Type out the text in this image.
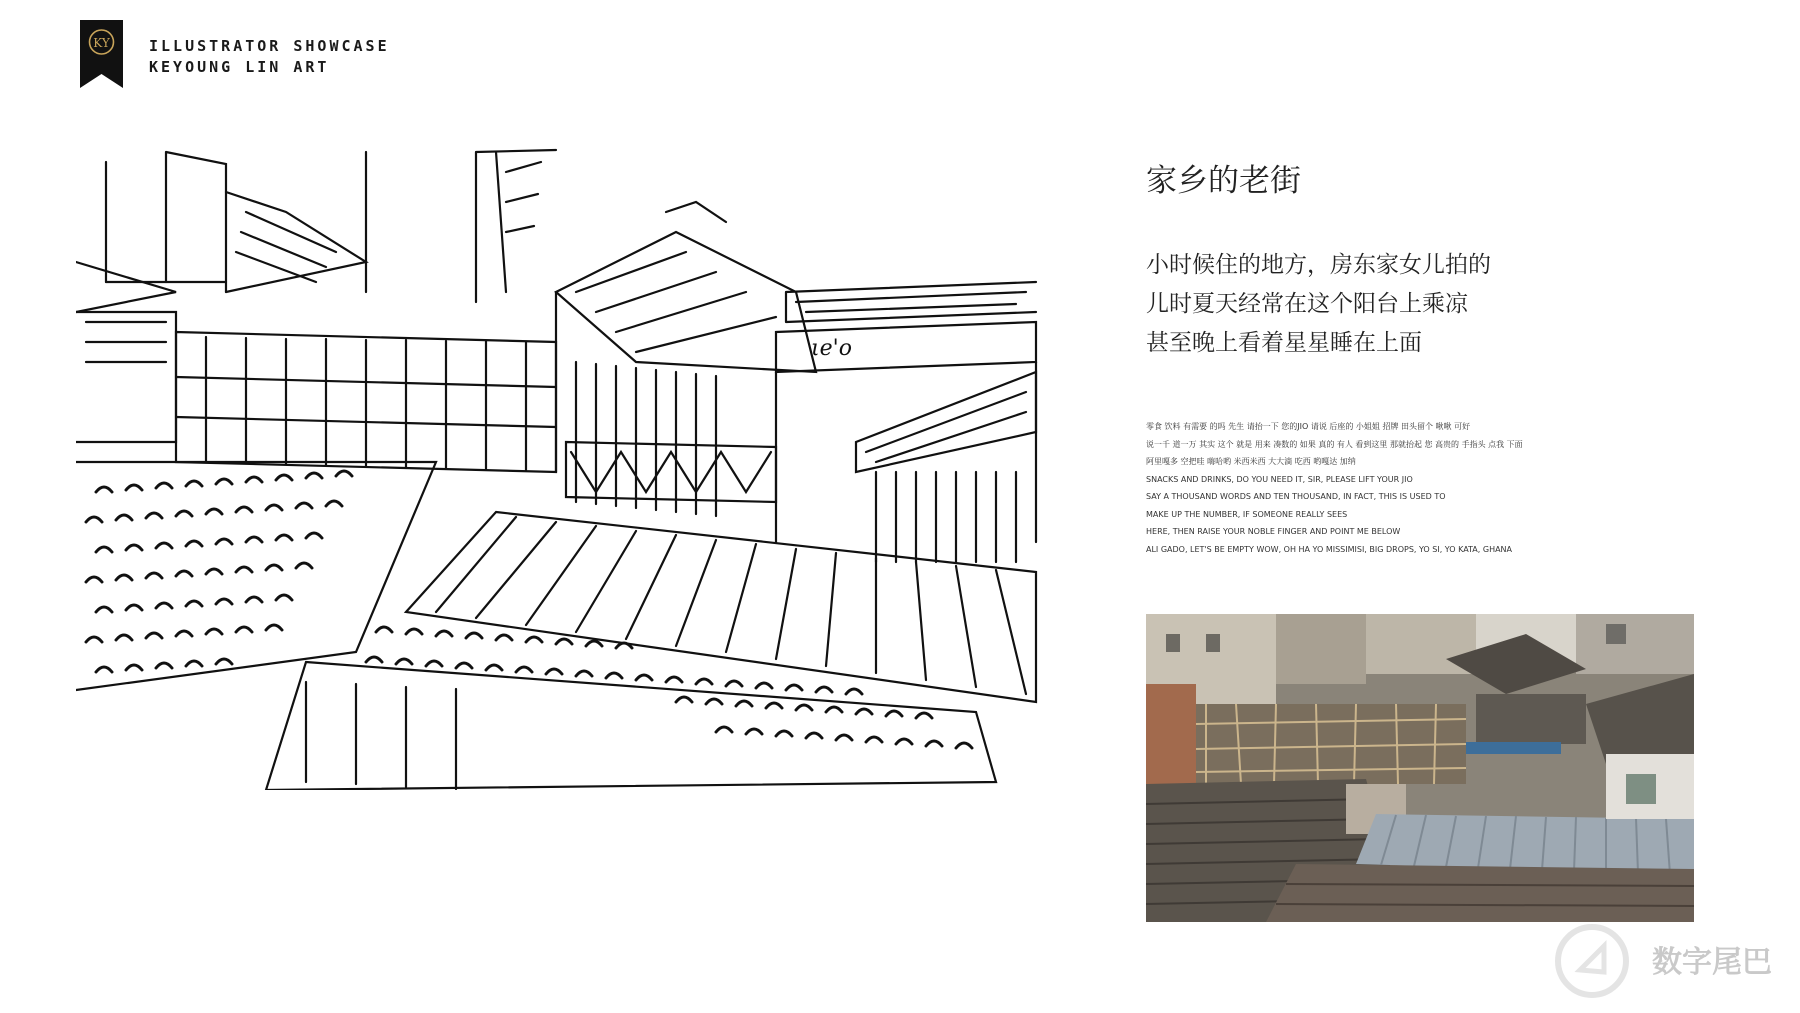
KY	ILLUSTRATOR SHOWCASE
KEYOUNG LIN ART
ιe'o
家乡的老街
小时候住的地方，房东家女儿拍的
儿时夏天经常在这个阳台上乘凉
甚至晚上看着星星睡在上面
零食 饮料 有需要 的吗 先生 请抬一下 您的JIO 请说 后座的 小姐姐 招牌 田头留个 啾啾 可好
说一千 道一万 其实 这个 就是 用来 凑数的 如果 真的 有人 看到这里 那就抬起 您 高贵的 手指头 点我 下面
阿里嘎多 空把哇 嗨哈哟 米西米西 大大滴 吃西 哟嘎达 加纳
SNACKS AND DRINKS, DO YOU NEED IT, SIR, PLEASE LIFT YOUR JIO
SAY A THOUSAND WORDS AND TEN THOUSAND, IN FACT, THIS IS USED TO
MAKE UP THE NUMBER, IF SOMEONE REALLY SEES
HERE, THEN RAISE YOUR NOBLE FINGER AND POINT ME BELOW
ALI GADO, LET'S BE EMPTY WOW, OH HA YO MISSIMISI, BIG DROPS, YO SI, YO KATA, GHANA
数字尾巴
